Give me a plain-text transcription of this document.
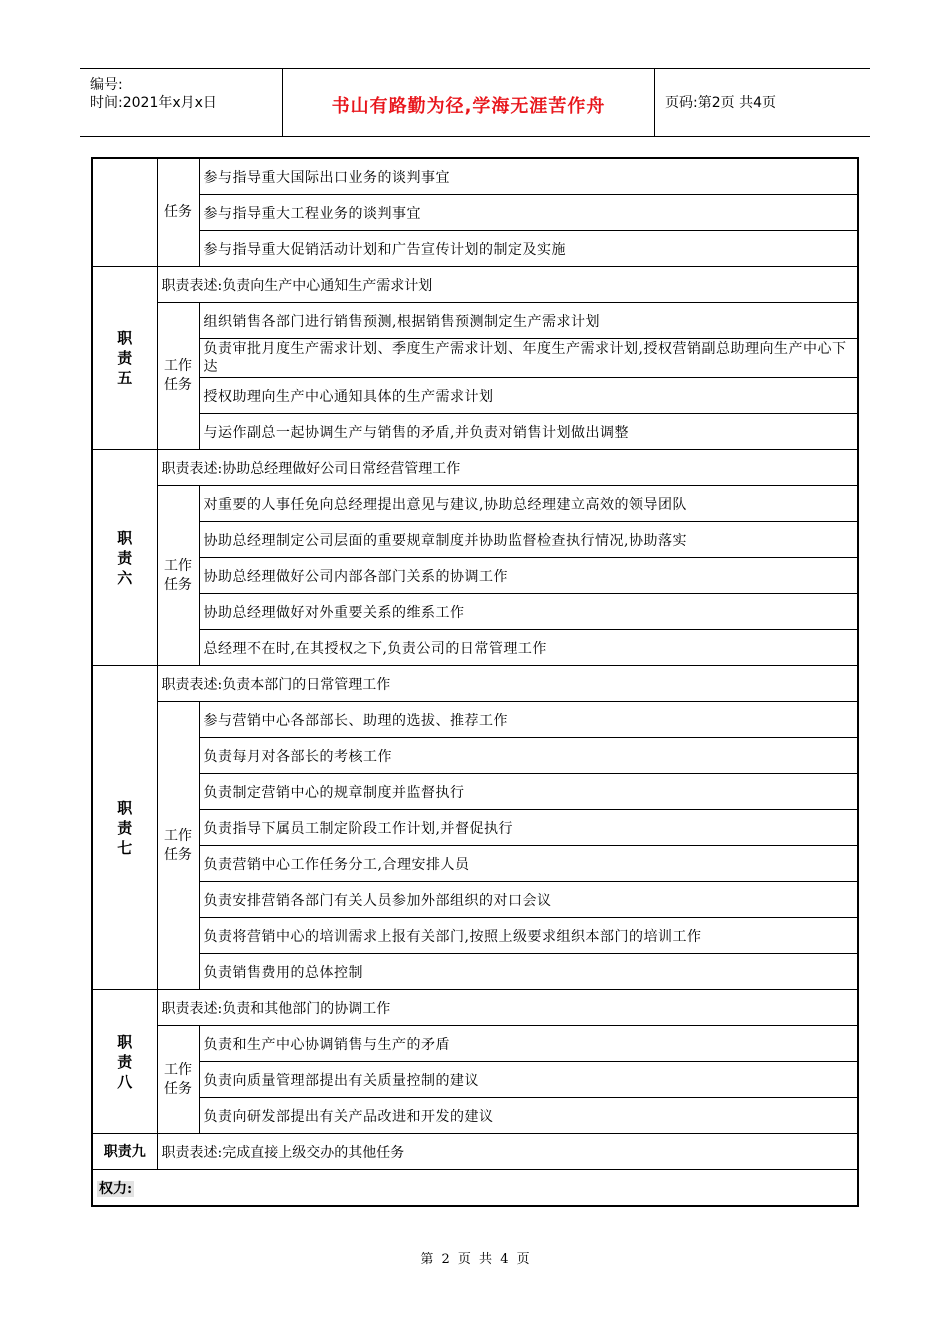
编号:
时间:2021年x月x日	书山有路勤为径,学海无涯苦作舟	页码:第2页 共4页
	任务	参与指导重大国际出口业务的谈判事宜
		参与指导重大工程业务的谈判事宜
		参与指导重大促销活动计划和广告宣传计划的制定及实施

职责五	职责表述:负责向生产中心通知生产需求计划	

	工作任务	组织销售各部门进行销售预测,根据销售预测制定生产需求计划
		负责审批月度生产需求计划、季度生产需求计划、年度生产需求计划,授权营销副总助理向生产中心下达
		授权助理向生产中心通知具体的生产需求计划
		与运作副总一起协调生产与销售的矛盾,并负责对销售计划做出调整

职责六	职责表述:协助总经理做好公司日常经营管理工作	

	工作任务	对重要的人事任免向总经理提出意见与建议,协助总经理建立高效的领导团队
		协助总经理制定公司层面的重要规章制度并协助监督检查执行情况,协助落实
		协助总经理做好公司内部各部门关系的协调工作
		协助总经理做好对外重要关系的维系工作
		总经理不在时,在其授权之下,负责公司的日常管理工作

职责七	职责表述:负责本部门的日常管理工作	

	工作任务	参与营销中心各部部长、助理的选拔、推荐工作
		负责每月对各部长的考核工作
		负责制定营销中心的规章制度并监督执行
		负责指导下属员工制定阶段工作计划,并督促执行
		负责营销中心工作任务分工,合理安排人员
		负责安排营销各部门有关人员参加外部组织的对口会议
		负责将营销中心的培训需求上报有关部门,按照上级要求组织本部门的培训工作
		负责销售费用的总体控制

职责八	职责表述:负责和其他部门的协调工作	

	工作任务	负责和生产中心协调销售与生产的矛盾
		负责向质量管理部提出有关质量控制的建议
		负责向研发部提出有关产品改进和开发的建议
职责九	职责表述:完成直接上级交办的其他任务	
权力:		
第 2 页 共 4 页
